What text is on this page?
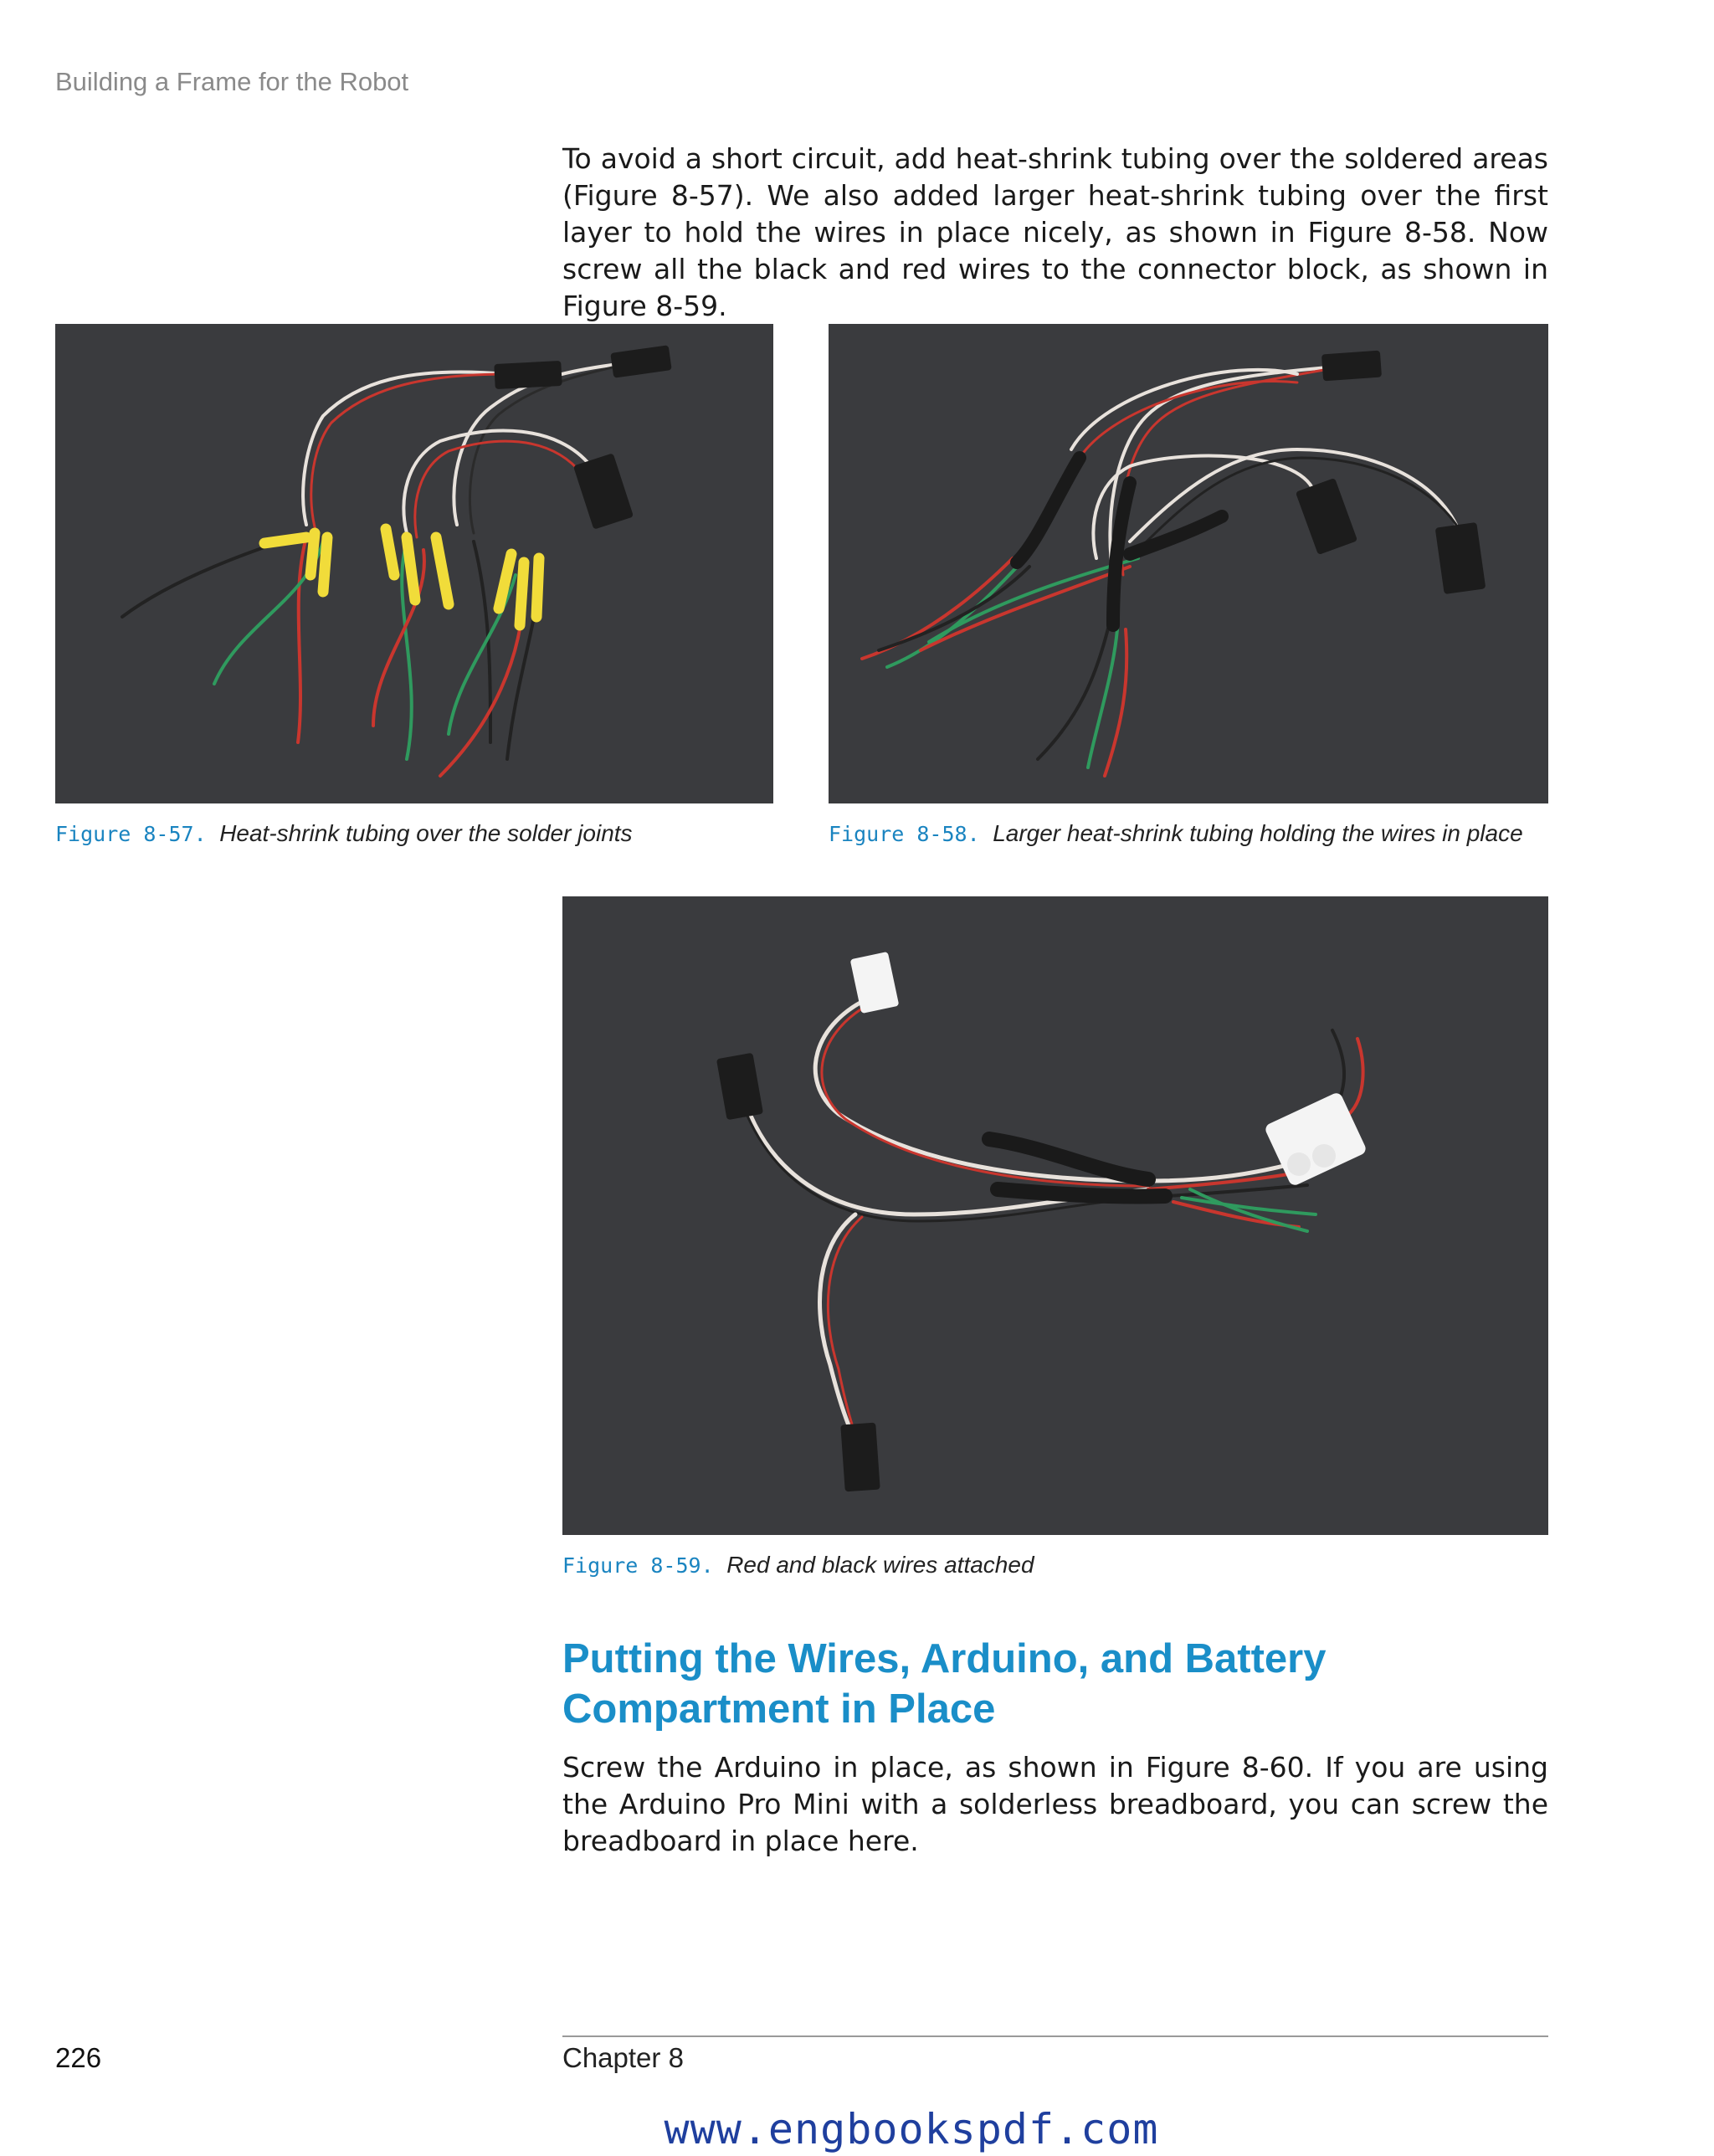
Building a Frame for the Robot

To avoid a short circuit, add heat-shrink tubing over the soldered areas (Figure 8-57). We also added larger heat-shrink tubing over the first layer to hold the wires in place nicely, as shown in Figure 8-58. Now screw all the black and red wires to the connector block, as shown in Figure 8-59.

Figure 8-57. Heat-shrink tubing over the solder joints	Figure 8-58. Larger heat-shrink tubing holding the wires in place
Figure 8-59. Red and black wires attached
Putting the Wires, Arduino, and Battery
Compartment in Place

Screw the Arduino in place, as shown in Figure 8-60. If you are using the Arduino Pro Mini with a solderless breadboard, you can screw the breadboard in place here.

226	Chapter 8
www.engbookspdf.com
